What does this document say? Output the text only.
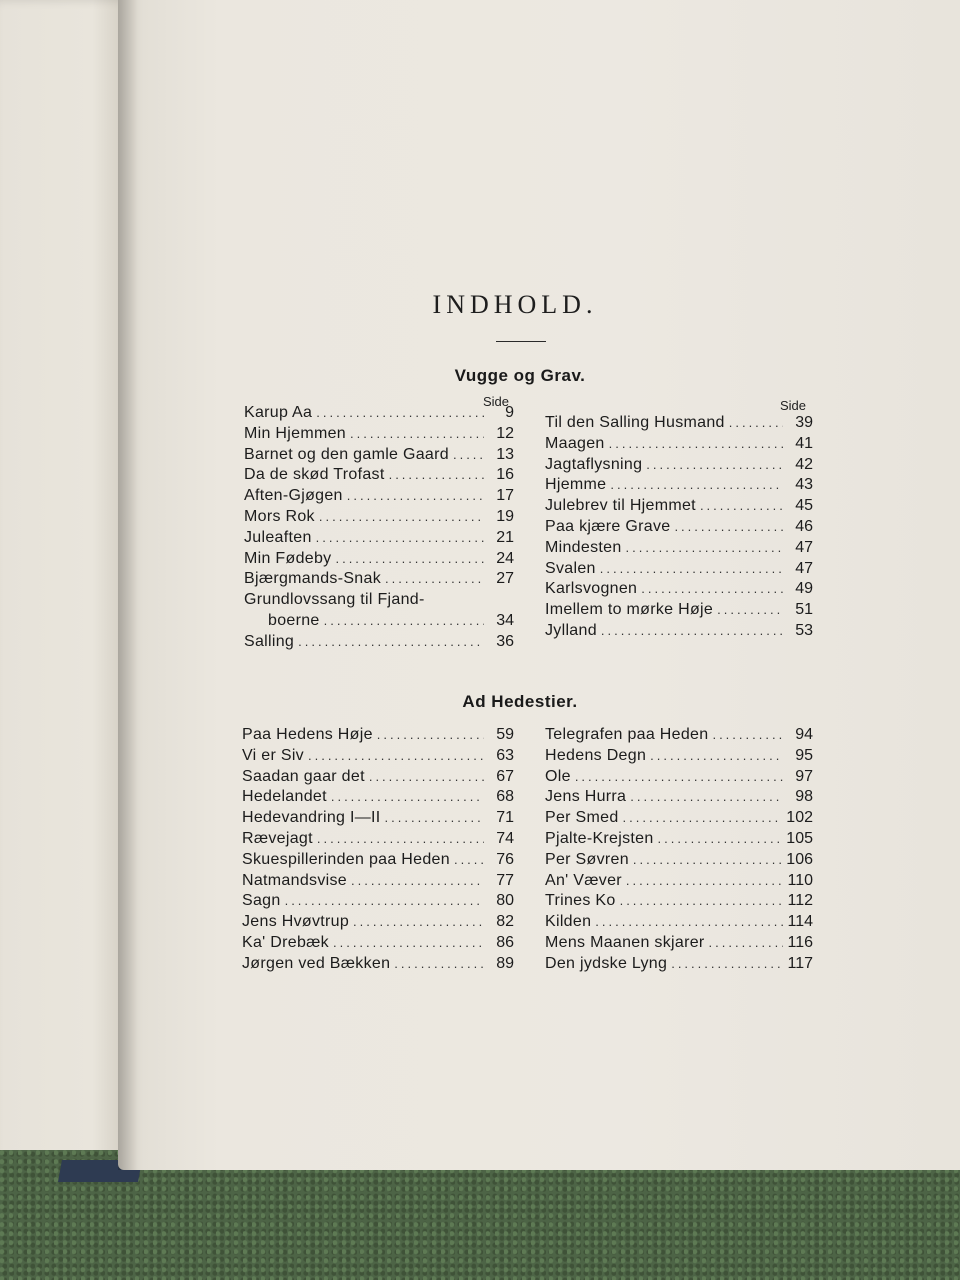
INDHOLD.
Vugge og Grav.
Side	Side
Karup Aa .....	9
Min Hjemmen .....	12
Barnet og den gamle Gaard .....	13
Da de skød Trofast .....	16
Aften-Gjøgen .....	17
Mors Rok .....	19
Juleaften .....	21
Min Fødeby .....	24
Bjærgmands-Snak .....	27
Grundlovssang til Fjand-
boerne .....	34
Salling .....	36
Til den Salling Husmand .....	39
Maagen .....	41
Jagtaflysning .....	42
Hjemme .....	43
Julebrev til Hjemmet .....	45
Paa kjære Grave .....	46
Mindesten .....	47
Svalen .....	47
Karlsvognen .....	49
Imellem to mørke Høje .....	51
Jylland .....	53
Ad Hedestier.
Paa Hedens Høje .....	59
Vi er Siv .....	63
Saadan gaar det .....	67
Hedelandet .....	68
Hedevandring I—II .....	71
Rævejagt .....	74
Skuespillerinden paa Heden .....	76
Natmandsvise .....	77
Sagn .....	80
Jens Hvøvtrup .....	82
Ka' Drebæk .....	86
Jørgen ved Bækken .....	89
Telegrafen paa Heden .....	94
Hedens Degn .....	95
Ole .....	97
Jens Hurra .....	98
Per Smed .....	102
Pjalte-Krejsten .....	105
Per Søvren .....	106
An' Væver .....	110
Trines Ko .....	112
Kilden .....	114
Mens Maanen skjarer .....	116
Den jydske Lyng .....	117
